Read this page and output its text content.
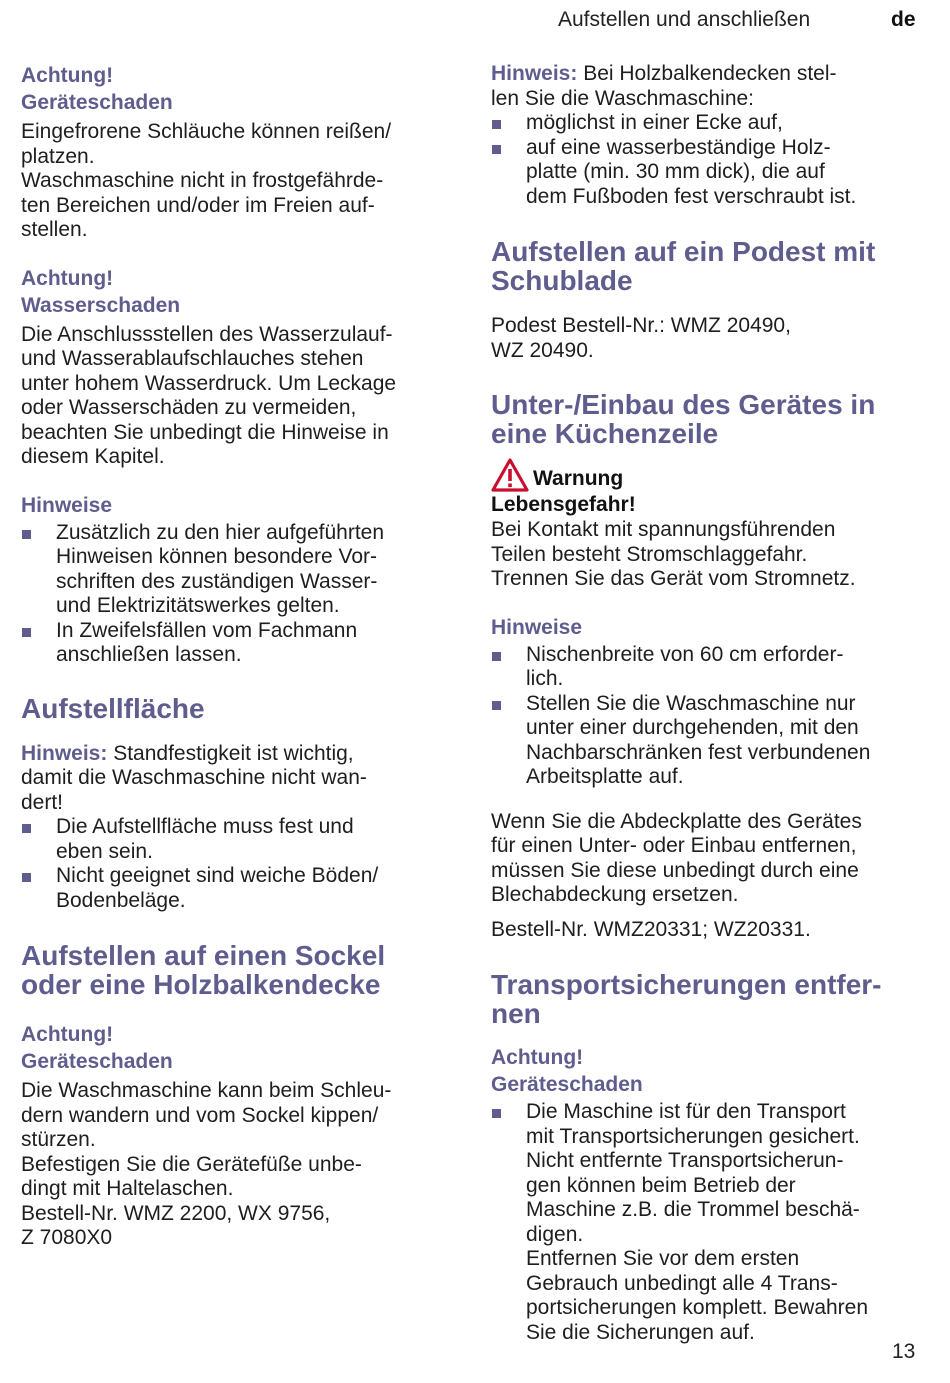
Aufstellen und anschließen	de
Achtung!
Geräteschaden

Eingefrorene Schläuche können reißen/
platzen.
Waschmaschine nicht in frostgefährde-
ten Bereichen und/oder im Freien auf-
stellen.

Achtung!
Wasserschaden

Die Anschlussstellen des Wasserzulauf-
und Wasserablaufschlauches stehen
unter hohem Wasserdruck. Um Leckage
oder Wasserschäden zu vermeiden,
beachten Sie unbedingt die Hinweise in
diesem Kapitel.

Hinweise
Zusätzlich zu den hier aufgeführten
Hinweisen können besondere Vor-
schriften des zuständigen Wasser-
und Elektrizitätswerkes gelten.
In Zweifelsfällen vom Fachmann
anschließen lassen.
Aufstellfläche

Hinweis: Standfestigkeit ist wichtig,
damit die Waschmaschine nicht wan-
dert!

Die Aufstellfläche muss fest und
eben sein.
Nicht geeignet sind weiche Böden/
Bodenbeläge.
Aufstellen auf einen Sockel
oder eine Holzbalkendecke
Achtung!
Geräteschaden

Die Waschmaschine kann beim Schleu-
dern wandern und vom Sockel kippen/
stürzen.
Befestigen Sie die Gerätefüße unbe-
dingt mit Haltelaschen.
Bestell-Nr. WMZ 2200, WX 9756,
Z 7080X0

Hinweis: Bei Holzbalkendecken stel-
len Sie die Waschmaschine:

möglichst in einer Ecke auf,
auf eine wasserbeständige Holz-
platte (min. 30 mm dick), die auf
dem Fußboden fest verschraubt ist.
Aufstellen auf ein Podest mit
Schublade

Podest Bestell-Nr.: WMZ 20490,
WZ 20490.

Unter-/Einbau des Gerätes in
eine Küchenzeile
Warnung
Lebensgefahr!

Bei Kontakt mit spannungsführenden
Teilen besteht Stromschlaggefahr.
Trennen Sie das Gerät vom Stromnetz.

Hinweise
Nischenbreite von 60 cm erforder-
lich.
Stellen Sie die Waschmaschine nur
unter einer durchgehenden, mit den
Nachbarschränken fest verbundenen
Arbeitsplatte auf.

Wenn Sie die Abdeckplatte des Gerätes
für einen Unter- oder Einbau entfernen,
müssen Sie diese unbedingt durch eine
Blechabdeckung ersetzen.

Bestell-Nr. WMZ20331; WZ20331.

Transportsicherungen entfer-
nen
Achtung!
Geräteschaden
Die Maschine ist für den Transport
mit Transportsicherungen gesichert.
Nicht entfernte Transportsicherun-
gen können beim Betrieb der
Maschine z.B. die Trommel beschä-
digen.
Entfernen Sie vor dem ersten
Gebrauch unbedingt alle 4 Trans-
portsicherungen komplett. Bewahren
Sie die Sicherungen auf.
13
